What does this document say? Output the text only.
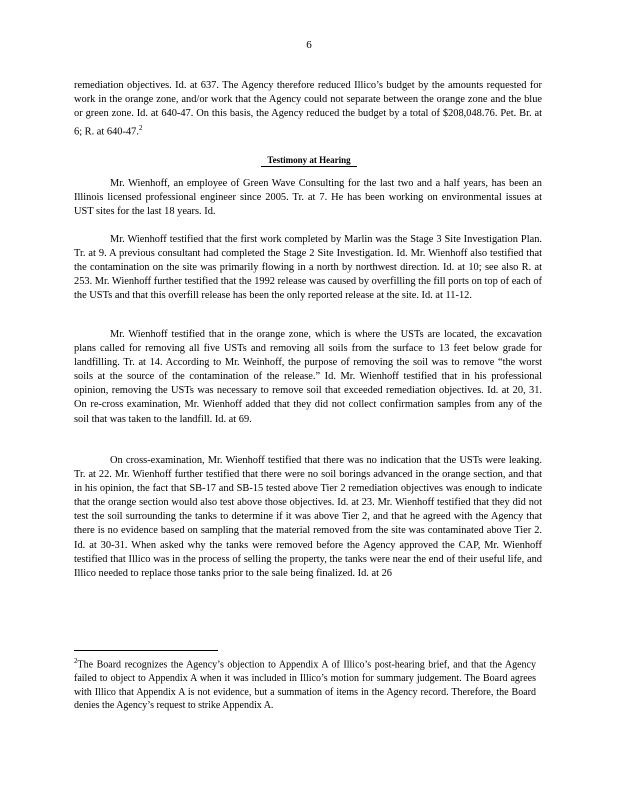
6

remediation objectives. Id. at 637. The Agency therefore reduced Illico’s budget by the amounts requested for work in the orange zone, and/or work that the Agency could not separate between the orange zone and the blue or green zone. Id. at 640-47. On this basis, the Agency reduced the budget by a total of $208,048.76. Pet. Br. at 6; R. at 640-47.$^2$

Testimony at Hearing

Mr. Wienhoff, an employee of Green Wave Consulting for the last two and a half years, has been an Illinois licensed professional engineer since 2005. Tr. at 7. He has been working on environmental issues at UST sites for the last 18 years. Id.

Mr. Wienhoff testified that the first work completed by Marlin was the Stage 3 Site Investigation Plan. Tr. at 9. A previous consultant had completed the Stage 2 Site Investigation. Id. Mr. Wienhoff also testified that the contamination on the site was primarily flowing in a north by northwest direction. Id. at 10; see also R. at 253. Mr. Wienhoff further testified that the 1992 release was caused by overfilling the fill ports on top of each of the USTs and that this overfill release has been the only reported release at the site. Id. at 11-12.

Mr. Wienhoff testified that in the orange zone, which is where the USTs are located, the excavation plans called for removing all five USTs and removing all soils from the surface to 13 feet below grade for landfilling. Tr. at 14. According to Mr. Weinhoff, the purpose of removing the soil was to remove “the worst soils at the source of the contamination of the release.” Id. Mr. Wienhoff testified that in his professional opinion, removing the USTs was necessary to remove soil that exceeded remediation objectives. Id. at 20, 31. On re-cross examination, Mr. Wienhoff added that they did not collect confirmation samples from any of the soil that was taken to the landfill. Id. at 69.

On cross-examination, Mr. Wienhoff testified that there was no indication that the USTs were leaking. Tr. at 22. Mr. Wienhoff further testified that there were no soil borings advanced in the orange section, and that in his opinion, the fact that SB-17 and SB-15 tested above Tier 2 remediation objectives was enough to indicate that the orange section would also test above those objectives. Id. at 23. Mr. Wienhoff testified that they did not test the soil surrounding the tanks to determine if it was above Tier 2, and that he agreed with the Agency that there is no evidence based on sampling that the material removed from the site was contaminated above Tier 2. Id. at 30-31. When asked why the tanks were removed before the Agency approved the CAP, Mr. Wienhoff testified that Illico was in the process of selling the property, the tanks were near the end of their useful life, and Illico needed to replace those tanks prior to the sale being finalized. Id. at 26

$^2$The Board recognizes the Agency’s objection to Appendix A of Illico’s post-hearing brief, and that the Agency failed to object to Appendix A when it was included in Illico’s motion for summary judgement. The Board agrees with Illico that Appendix A is not evidence, but a summation of items in the Agency record. Therefore, the Board denies the Agency’s request to strike Appendix A.
